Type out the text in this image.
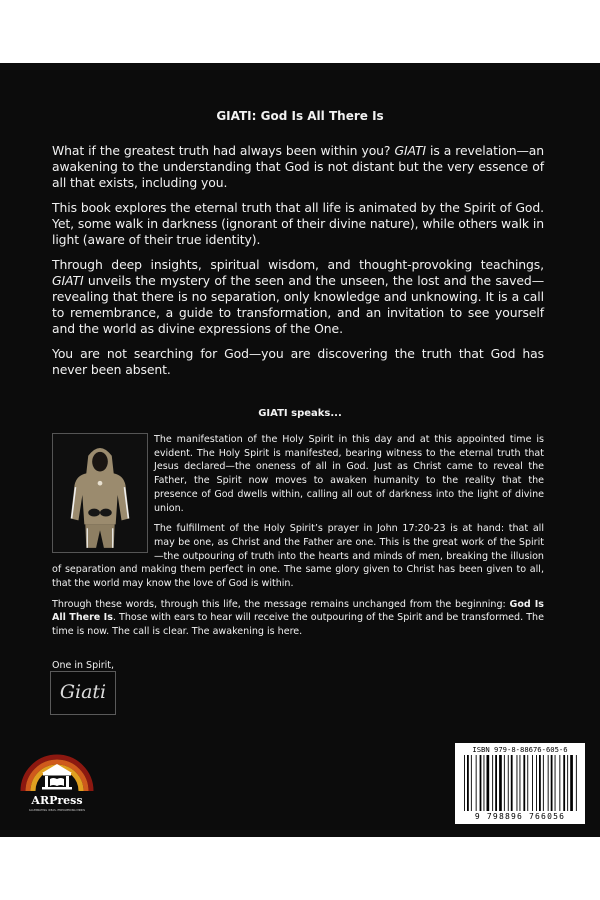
GIATI: God Is All There Is

What if the greatest truth had always been within you? GIATI is a revelation—an awakening to the understanding that God is not distant but the very essence of all that exists, including you.

This book explores the eternal truth that all life is animated by the Spirit of God. Yet, some walk in darkness (ignorant of their divine nature), while others walk in light (aware of their true identity).

Through deep insights, spiritual wisdom, and thought-provoking teachings, GIATI unveils the mystery of the seen and the unseen, the lost and the saved—revealing that there is no separation, only knowledge and unknowing. It is a call to remembrance, a guide to transformation, and an invitation to see yourself and the world as divine expressions of the One.

You are not searching for God—you are discovering the truth that God has never been absent.

GIATI speaks...

The manifestation of the Holy Spirit in this day and at this appointed time is evident. The Holy Spirit is manifested, bearing witness to the eternal truth that Jesus declared—the oneness of all in God. Just as Christ came to reveal the Father, the Spirit now moves to awaken humanity to the reality that the presence of God dwells within, calling all out of darkness into the light of divine union.

The fulfillment of the Holy Spirit’s prayer in John 17:20-23 is at hand: that all may be one, as Christ and the Father are one. This is the great work of the Spirit—the outpouring of truth into the hearts and minds of men, breaking the illusion of separation and making them perfect in one. The same glory given to Christ has been given to all, that the world may know the love of God is within.

Through these words, through this life, the message remains unchanged from the beginning: God Is All There Is. Those with ears to hear will receive the outpouring of the Spirit and be transformed. The time is now. The call is clear. The awakening is here.

One in Spirit,

Giati
ARPress
ILLUMINATING IDEAS. EMPOWERING MINDS

ISBN 979-8-88676-605-6

9 798896 766056
